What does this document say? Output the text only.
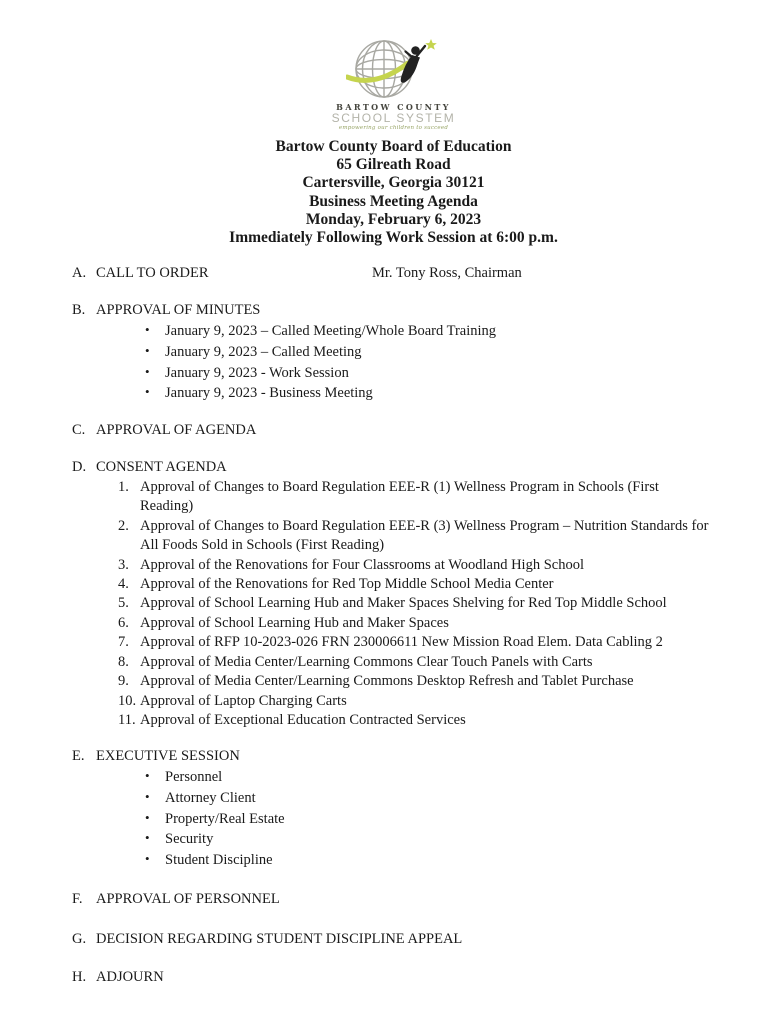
BARTOW COUNTY
SCHOOL SYSTEM
empowering our children to succeed
Bartow County Board of Education
65 Gilreath Road
Cartersville, Georgia 30121
Business Meeting Agenda
Monday, February 6, 2023
Immediately Following Work Session at 6:00 p.m.
A. CALL TO ORDER	Mr. Tony Ross, Chairman
B. APPROVAL OF MINUTES
• January 9, 2023 – Called Meeting/Whole Board Training
• January 9, 2023 – Called Meeting
• January 9, 2023 - Work Session
• January 9, 2023 - Business Meeting
C. APPROVAL OF AGENDA
D. CONSENT AGENDA
1. Approval of Changes to Board Regulation EEE-R (1) Wellness Program in Schools (First Reading)
2. Approval of Changes to Board Regulation EEE-R (3) Wellness Program – Nutrition Standards for All Foods Sold in Schools (First Reading)
3. Approval of the Renovations for Four Classrooms at Woodland High School
4. Approval of the Renovations for Red Top Middle School Media Center
5. Approval of School Learning Hub and Maker Spaces Shelving for Red Top Middle School
6. Approval of School Learning Hub and Maker Spaces
7. Approval of RFP 10-2023-026 FRN 230006611 New Mission Road Elem. Data Cabling 2
8. Approval of Media Center/Learning Commons Clear Touch Panels with Carts
9. Approval of Media Center/Learning Commons Desktop Refresh and Tablet Purchase
10. Approval of Laptop Charging Carts
11. Approval of Exceptional Education Contracted Services
E. EXECUTIVE SESSION
• Personnel
• Attorney Client
• Property/Real Estate
• Security
• Student Discipline
F. APPROVAL OF PERSONNEL
G. DECISION REGARDING STUDENT DISCIPLINE APPEAL
H. ADJOURN
